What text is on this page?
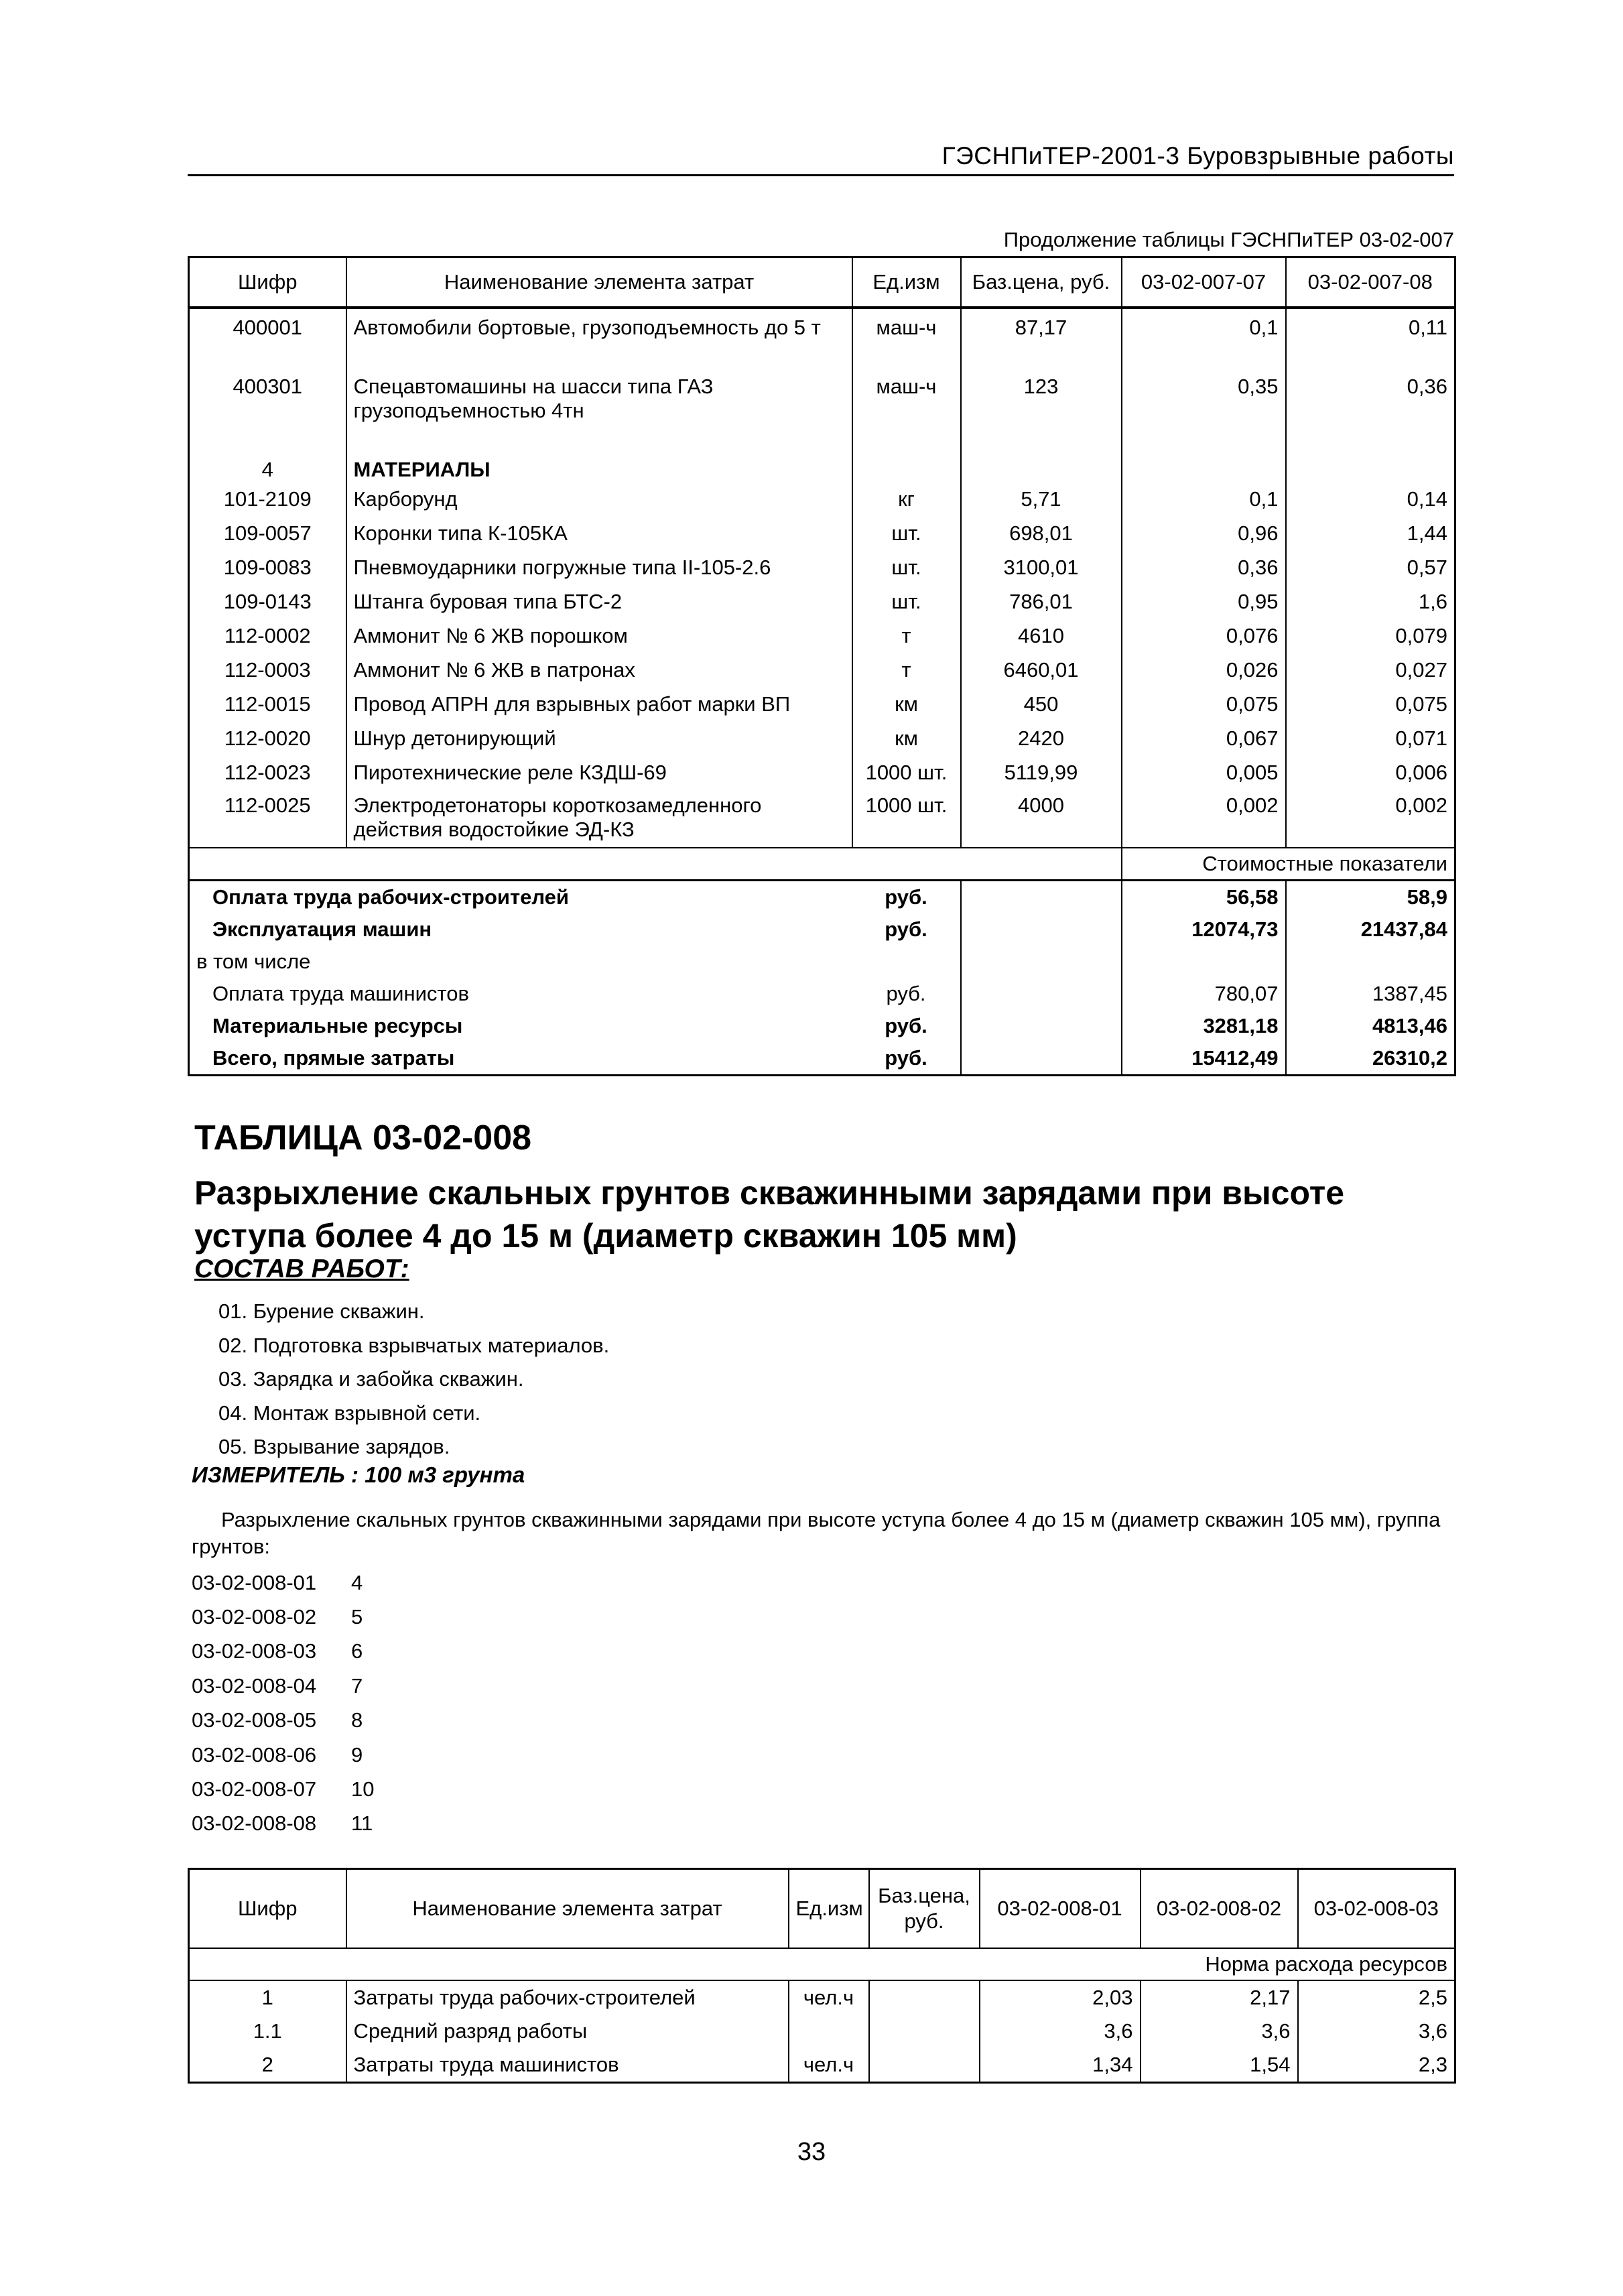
ГЭСНПиТЕР-2001-3 Буровзрывные работы
Продолжение таблицы ГЭСНПиТЕР 03-02-007
Шифр	Наименование элемента затрат	Ед.изм	Баз.цена, руб.	03-02-007-07	03-02-007-08
400001	Автомобили бортовые, грузоподъемность до 5 т	маш-ч	87,17	0,1	0,11
400301	Спецавтомашины на шасси типа ГАЗ грузоподъемностью 4тн	маш-ч	123	0,35	0,36
4	МАТЕРИАЛЫ				
101-2109	Карборунд	кг	5,71	0,1	0,14
109-0057	Коронки типа К-105КА	шт.	698,01	0,96	1,44
109-0083	Пневмоударники погружные типа II-105-2.6	шт.	3100,01	0,36	0,57
109-0143	Штанга буровая типа БТС-2	шт.	786,01	0,95	1,6
112-0002	Аммонит № 6 ЖВ порошком	т	4610	0,076	0,079
112-0003	Аммонит № 6 ЖВ в патронах	т	6460,01	0,026	0,027
112-0015	Провод АПРН для взрывных работ марки ВП	км	450	0,075	0,075
112-0020	Шнур детонирующий	км	2420	0,067	0,071
112-0023	Пиротехнические реле КЗДШ-69	1000 шт.	5119,99	0,005	0,006
112-0025	Электродетонаторы короткозамедленного действия водостойкие ЭД-КЗ	1000 шт.	4000	0,002	0,002
				Стоимостные показатели	
Оплата труда рабочих-строителей		руб.		56,58	58,9
Эксплуатация машин		руб.		12074,73	21437,84
в том числе					
Оплата труда машинистов		руб.		780,07	1387,45
Материальные ресурсы		руб.		3281,18	4813,46
Всего, прямые затраты		руб.		15412,49	26310,2
ТАБЛИЦА 03-02-008
Разрыхление скальных грунтов скважинными зарядами при высоте уступа более 4 до 15 м (диаметр скважин 105 мм)
СОСТАВ РАБОТ:
01. Бурение скважин.
02. Подготовка взрывчатых материалов.
03. Зарядка и забойка скважин.
04. Монтаж взрывной сети.
05. Взрывание зарядов.
ИЗМЕРИТЕЛЬ : 100 м3 грунта
Разрыхление скальных грунтов скважинными зарядами при высоте уступа более 4 до 15 м (диаметр скважин 105 мм), группа грунтов:
03-02-008-01	4
03-02-008-02	5
03-02-008-03	6
03-02-008-04	7
03-02-008-05	8
03-02-008-06	9
03-02-008-07	10
03-02-008-08	11
Шифр	Наименование элемента затрат	Ед.изм	Баз.цена, руб.	03-02-008-01	03-02-008-02	03-02-008-03
Норма расхода ресурсов						
1	Затраты труда рабочих-строителей	чел.ч		2,03	2,17	2,5
1.1	Средний разряд работы			3,6	3,6	3,6
2	Затраты труда машинистов	чел.ч		1,34	1,54	2,3
33
